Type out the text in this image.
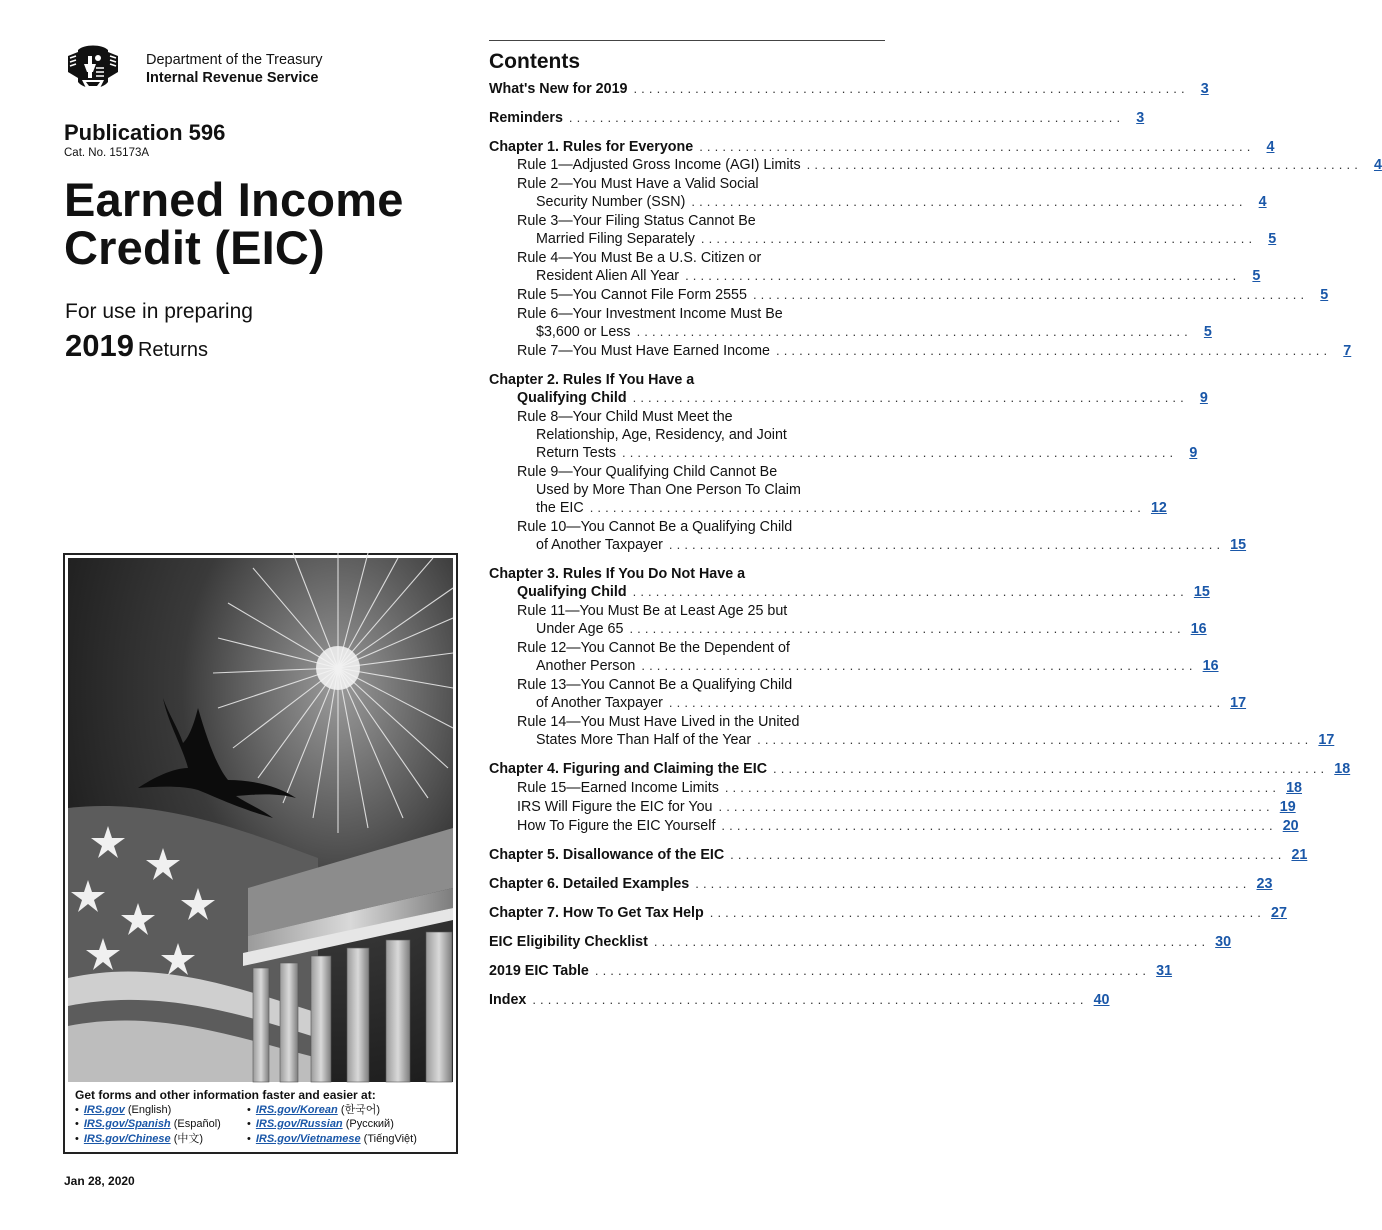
Department of the Treasury
Internal Revenue Service
Publication 596
Cat. No. 15173A
Earned Income
Credit (EIC)
For use in preparing
2019 Returns
Get forms and other information faster and easier at:
• IRS.gov (English)	• IRS.gov/Korean (한국어)
• IRS.gov/Spanish (Español)	• IRS.gov/Russian (Pусский)
• IRS.gov/Chinese (中文)	• IRS.gov/Vietnamese (TiếngViệt)
Jan 28, 2020
Contents
What's New for 2019 ........................................................................ 3
Reminders ........................................................................ 3
Chapter 1. Rules for Everyone ........................................................................ 4
Rule 1—Adjusted Gross Income (AGI) Limits ........................................................................ 4
Rule 2—You Must Have a Valid Social
Security Number (SSN) ........................................................................ 4
Rule 3—Your Filing Status Cannot Be
Married Filing Separately ........................................................................ 5
Rule 4—You Must Be a U.S. Citizen or
Resident Alien All Year ........................................................................ 5
Rule 5—You Cannot File Form 2555 ........................................................................ 5
Rule 6—Your Investment Income Must Be
$3,600 or Less ........................................................................ 5
Rule 7—You Must Have Earned Income ........................................................................ 7
Chapter 2. Rules If You Have a
Qualifying Child ........................................................................ 9
Rule 8—Your Child Must Meet the
Relationship, Age, Residency, and Joint
Return Tests ........................................................................ 9
Rule 9—Your Qualifying Child Cannot Be
Used by More Than One Person To Claim
the EIC ........................................................................ 12
Rule 10—You Cannot Be a Qualifying Child
of Another Taxpayer ........................................................................ 15
Chapter 3. Rules If You Do Not Have a
Qualifying Child ........................................................................ 15
Rule 11—You Must Be at Least Age 25 but
Under Age 65 ........................................................................ 16
Rule 12—You Cannot Be the Dependent of
Another Person ........................................................................ 16
Rule 13—You Cannot Be a Qualifying Child
of Another Taxpayer ........................................................................ 17
Rule 14—You Must Have Lived in the United
States More Than Half of the Year ........................................................................ 17
Chapter 4. Figuring and Claiming the EIC ........................................................................ 18
Rule 15—Earned Income Limits ........................................................................ 18
IRS Will Figure the EIC for You ........................................................................ 19
How To Figure the EIC Yourself ........................................................................ 20
Chapter 5. Disallowance of the EIC ........................................................................ 21
Chapter 6. Detailed Examples ........................................................................ 23
Chapter 7. How To Get Tax Help ........................................................................ 27
EIC Eligibility Checklist ........................................................................ 30
2019 EIC Table ........................................................................ 31
Index ........................................................................ 40
